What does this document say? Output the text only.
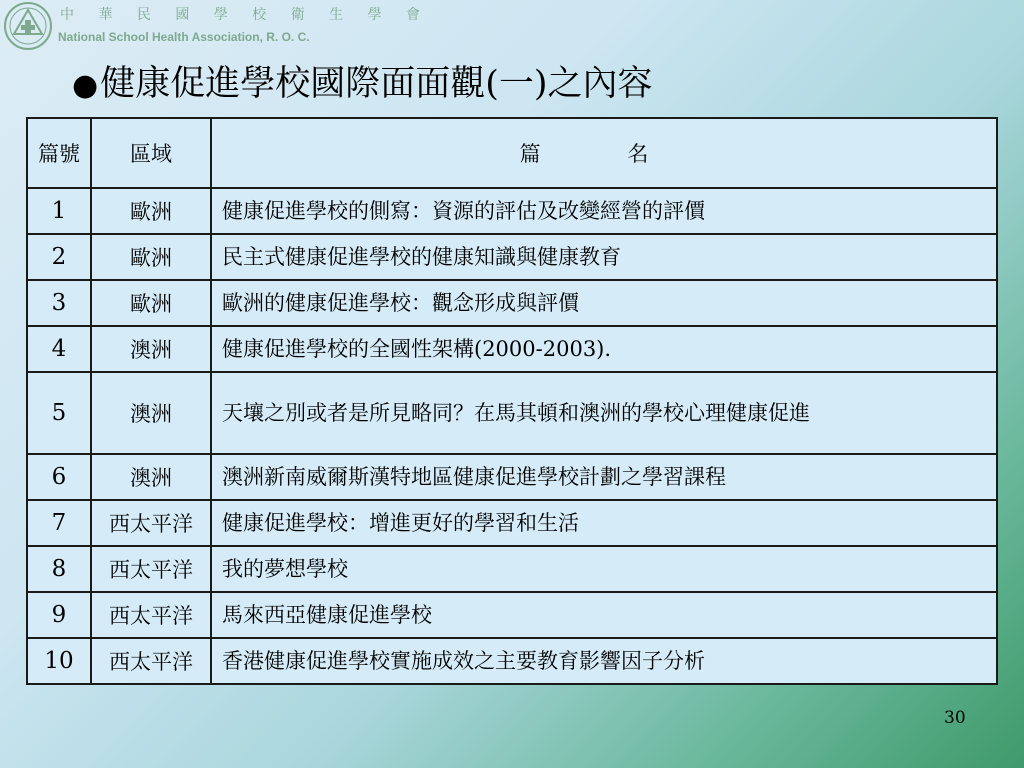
中 華 民 國 學 校 衛 生 學 會
National School Health Association, R. O. C.
●健康促進學校國際面面觀(一)之內容
篇號	區域	篇 名
1	歐洲	健康促進學校的側寫：資源的評估及改變經營的評價
2	歐洲	民主式健康促進學校的健康知識與健康教育
3	歐洲	歐洲的健康促進學校：觀念形成與評價
4	澳洲	健康促進學校的全國性架構(2000-2003).
5	澳洲	天壤之別或者是所見略同？在馬其頓和澳洲的學校心理健康促進
6	澳洲	澳洲新南威爾斯漢特地區健康促進學校計劃之學習課程
7	西太平洋	健康促進學校：增進更好的學習和生活
8	西太平洋	我的夢想學校
9	西太平洋	馬來西亞健康促進學校
10	西太平洋	香港健康促進學校實施成效之主要教育影響因子分析
30
